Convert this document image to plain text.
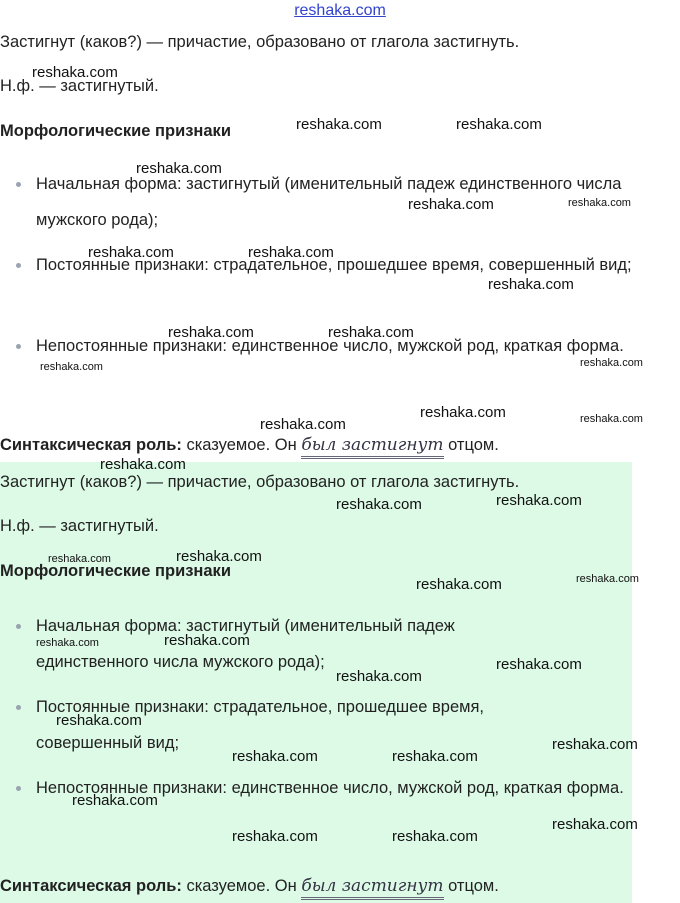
reshaka.com
Застигнут (каков?) — причастие, образовано от глагола застигнуть.
Н.ф. — застигнутый.
Морфологические признаки
Начальная форма: застигнутый (именительный падеж единственного числа мужского рода);
Постоянные признаки: страдательное, прошедшее время, совершенный вид;
Непостоянные признаки: единственное число, мужской род, краткая форма.
Синтаксическая роль: сказуемое. Он был застигнут отцом.
Застигнут (каков?) — причастие, образовано от глагола застигнуть.
Н.ф. — застигнутый.
Морфологические признаки
Начальная форма: застигнутый (именительный падеж единственного числа мужского рода);
Постоянные признаки: страдательное, прошедшее время, совершенный вид;
Непостоянные признаки: единственное число, мужской род, краткая форма.
Синтаксическая роль: сказуемое. Он был застигнут отцом.
reshaka.com
reshaka.com	reshaka.com
reshaka.com
reshaka.com	reshaka.com
reshaka.com	reshaka.com
reshaka.com
reshaka.com	reshaka.com
reshaka.com	reshaka.com
reshaka.com	reshaka.com
reshaka.com
reshaka.com
reshaka.com
reshaka.com
reshaka.com	reshaka.com
reshaka.com
reshaka.com
reshaka.com	reshaka.com
reshaka.com
reshaka.com
reshaka.com
reshaka.com
reshaka.com	reshaka.com
reshaka.com
reshaka.com
reshaka.com	reshaka.com
